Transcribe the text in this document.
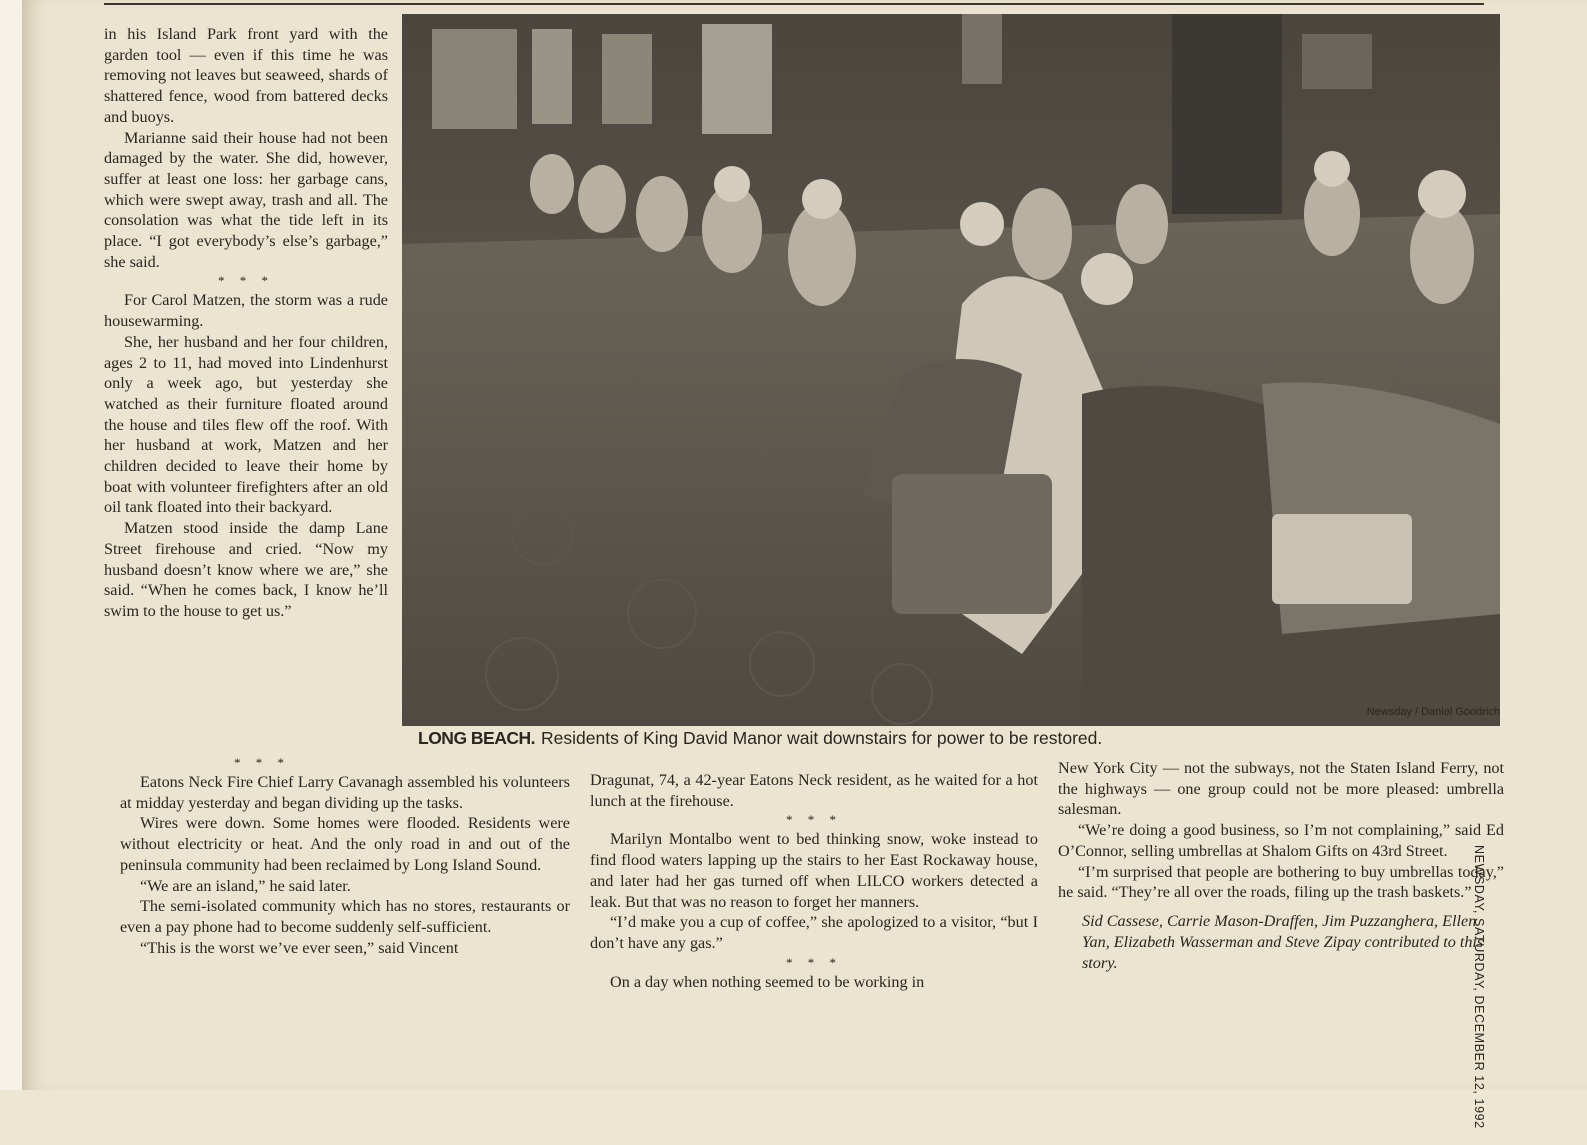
in his Island Park front yard with the garden tool — even if this time he was removing not leaves but seaweed, shards of shattered fence, wood from battered decks and buoys.

Marianne said their house had not been damaged by the water. She did, however, suffer at least one loss: her garbage cans, which were swept away, trash and all. The consolation was what the tide left in its place. “I got everybody’s else’s garbage,” she said.

* * *

For Carol Matzen, the storm was a rude housewarming.

She, her husband and her four children, ages 2 to 11, had moved into Lindenhurst only a week ago, but yesterday she watched as their furniture floated around the house and tiles flew off the roof. With her husband at work, Matzen and her children decided to leave their home by boat with volunteer firefighters after an old oil tank floated into their backyard.

Matzen stood inside the damp Lane Street firehouse and cried. “Now my husband doesn’t know where we are,” she said. “When he comes back, I know he’ll swim to the house to get us.”

Newsday / Daniel Goodrich
LONG BEACH. Residents of King David Manor wait downstairs for power to be restored.
* * *

Eatons Neck Fire Chief Larry Cavanagh assembled his volunteers at midday yesterday and began dividing up the tasks.

Wires were down. Some homes were flooded. Residents were without electricity or heat. And the only road in and out of the peninsula community had been reclaimed by Long Island Sound.

“We are an island,” he said later.

The semi-isolated community which has no stores, restaurants or even a pay phone had to become suddenly self-sufficient.

“This is the worst we’ve ever seen,” said Vincent

Dragunat, 74, a 42-year Eatons Neck resident, as he waited for a hot lunch at the firehouse.

* * *

Marilyn Montalbo went to bed thinking snow, woke instead to find flood waters lapping up the stairs to her East Rockaway house, and later had her gas turned off when LILCO workers detected a leak. But that was no reason to forget her manners.

“I’d make you a cup of coffee,” she apologized to a visitor, “but I don’t have any gas.”

* * *

On a day when nothing seemed to be working in

New York City — not the subways, not the Staten Island Ferry, not the highways — one group could not be more pleased: umbrella salesman.

“We’re doing a good business, so I’m not complaining,” said Ed O’Connor, selling umbrellas at Shalom Gifts on 43rd Street.

“I’m surprised that people are bothering to buy umbrellas today,” he said. “They’re all over the roads, filing up the trash baskets.”

Sid Cassese, Carrie Mason-Draffen, Jim Puzzanghera, Ellen Yan, Elizabeth Wasserman and Steve Zipay contributed to this story.	NEWSDAY, SATURDAY, DECEMBER 12, 1992
